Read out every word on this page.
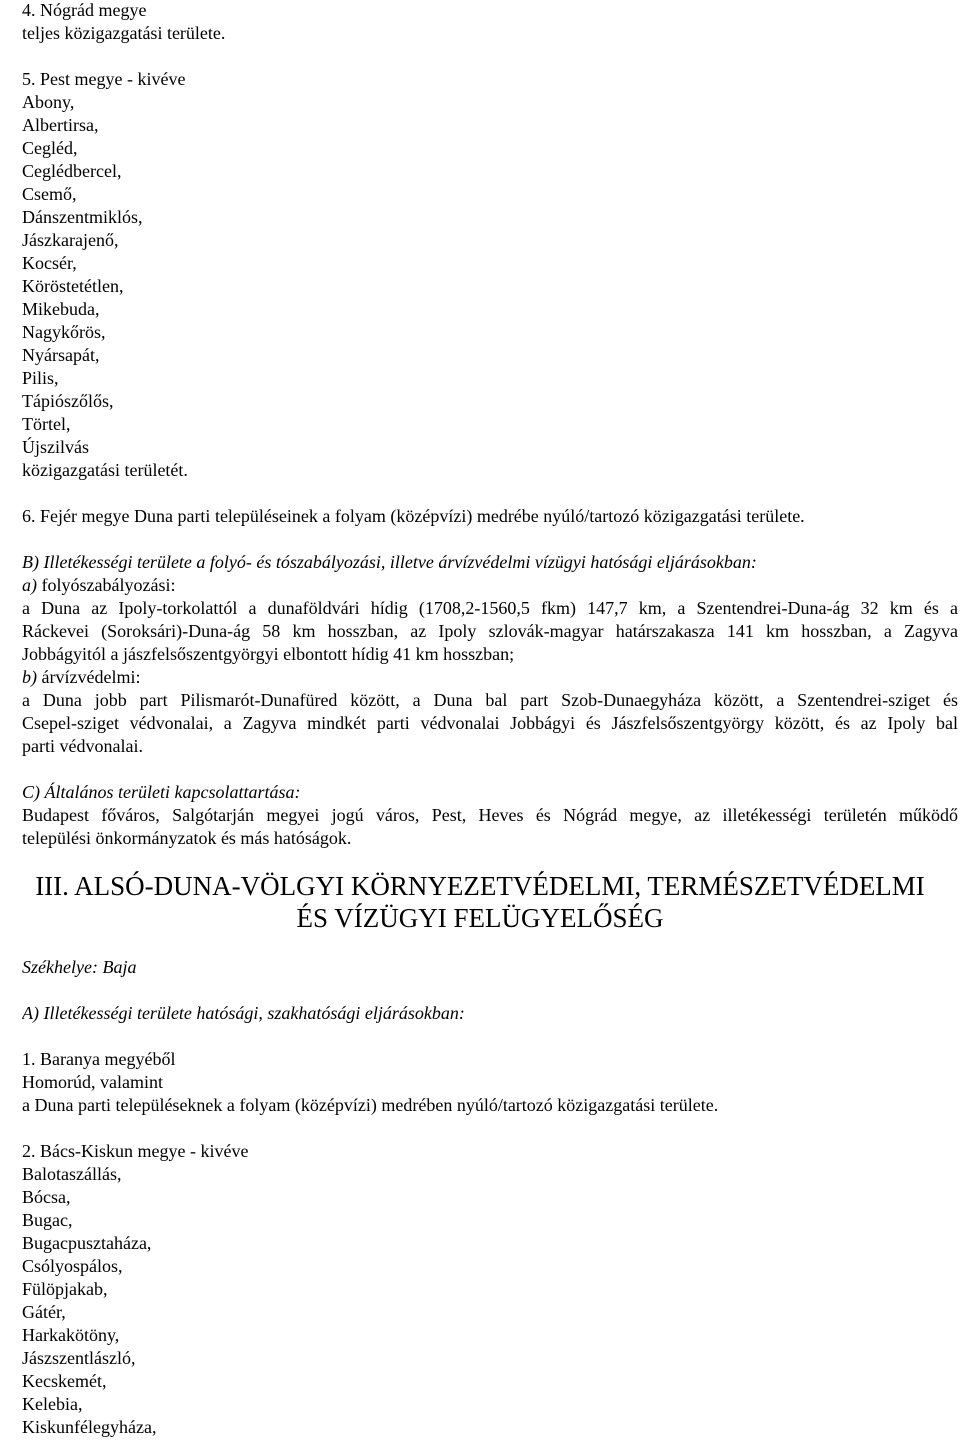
4. Nógrád megye
teljes közigazgatási területe.
5. Pest megye - kivéve
Abony,
Albertirsa,
Cegléd,
Ceglédbercel,
Csemő,
Dánszentmiklós,
Jászkarajenő,
Kocsér,
Köröstetétlen,
Mikebuda,
Nagykőrös,
Nyársapát,
Pilis,
Tápiószőlős,
Törtel,
Újszilvás
közigazgatási területét.
6. Fejér megye Duna parti településeinek a folyam (középvízi) medrébe nyúló/tartozó közigazgatási területe.
B) Illetékességi területe a folyó- és tószabályozási, illetve árvízvédelmi vízügyi hatósági eljárásokban:
a) folyószabályozási:
a Duna az Ipoly-torkolattól a dunaföldvári hídig (1708,2-1560,5 fkm) 147,7 km, a Szentendrei-Duna-ág 32 km és a
Ráckevei (Soroksári)-Duna-ág 58 km hosszban, az Ipoly szlovák-magyar határszakasza 141 km hosszban, a Zagyva
Jobbágyitól a jászfelsőszentgyörgyi elbontott hídig 41 km hosszban;
b) árvízvédelmi:
a Duna jobb part Pilismarót-Dunafüred között, a Duna bal part Szob-Dunaegyháza között, a Szentendrei-sziget és
Csepel-sziget védvonalai, a Zagyva mindkét parti védvonalai Jobbágyi és Jászfelsőszentgyörgy között, és az Ipoly bal
parti védvonalai.
C) Általános területi kapcsolattartása:
Budapest főváros, Salgótarján megyei jogú város, Pest, Heves és Nógrád megye, az illetékességi területén működő
települési önkormányzatok és más hatóságok.
III. ALSÓ-DUNA-VÖLGYI KÖRNYEZETVÉDELMI, TERMÉSZETVÉDELMI
ÉS VÍZÜGYI FELÜGYELŐSÉG
Székhelye: Baja
A) Illetékességi területe hatósági, szakhatósági eljárásokban:
1. Baranya megyéből
Homorúd, valamint
a Duna parti településeknek a folyam (középvízi) medrében nyúló/tartozó közigazgatási területe.
2. Bács-Kiskun megye - kivéve
Balotaszállás,
Bócsa,
Bugac,
Bugacpusztaháza,
Csólyospálos,
Fülöpjakab,
Gátér,
Harkakötöny,
Jászszentlászló,
Kecskemét,
Kelebia,
Kiskunfélegyháza,
